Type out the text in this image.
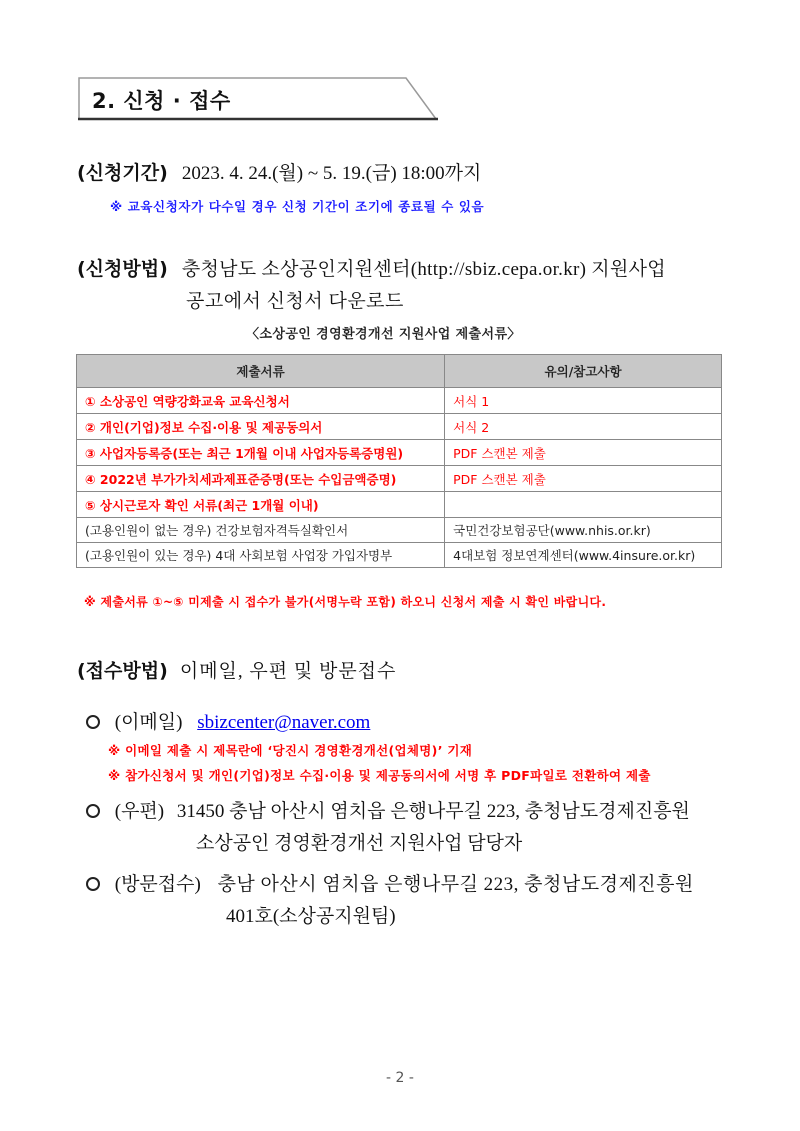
2. 신청 · 접수
(신청기간) 2023. 4. 24.(월) ~ 5. 19.(금) 18:00까지
※ 교육신청자가 다수일 경우 신청 기간이 조기에 종료될 수 있음
(신청방법) 충청남도 소상공인지원센터(http://sbiz.cepa.or.kr) 지원사업
공고에서 신청서 다운로드
〈소상공인 경영환경개선 지원사업 제출서류〉
제출서류	유의/참고사항
① 소상공인 역량강화교육 교육신청서	서식 1
② 개인(기업)정보 수집·이용 및 제공동의서	서식 2
③ 사업자등록증(또는 최근 1개월 이내 사업자등록증명원)	PDF 스캔본 제출
④ 2022년 부가가치세과제표준증명(또는 수입금액증명)	PDF 스캔본 제출
⑤ 상시근로자 확인 서류(최근 1개월 이내)	
(고용인원이 없는 경우) 건강보험자격득실확인서	국민건강보험공단(www.nhis.or.kr)
(고용인원이 있는 경우) 4대 사회보험 사업장 가입자명부	4대보험 정보연계센터(www.4insure.or.kr)
※ 제출서류 ①~⑤ 미제출 시 접수가 불가(서명누락 포함) 하오니 신청서 제출 시 확인 바랍니다.
(접수방법) 이메일, 우편 및 방문접수
(이메일) sbizcenter@naver.com
※ 이메일 제출 시 제목란에 ‘당진시 경영환경개선(업체명)’ 기재
※ 참가신청서 및 개인(기업)정보 수집·이용 및 제공동의서에 서명 후 PDF파일로 전환하여 제출
(우편) 31450 충남 아산시 염치읍 은행나무길 223, 충청남도경제진흥원
소상공인 경영환경개선 지원사업 담당자
(방문접수) 충남 아산시 염치읍 은행나무길 223, 충청남도경제진흥원
401호(소상공지원팀)
- 2 -
